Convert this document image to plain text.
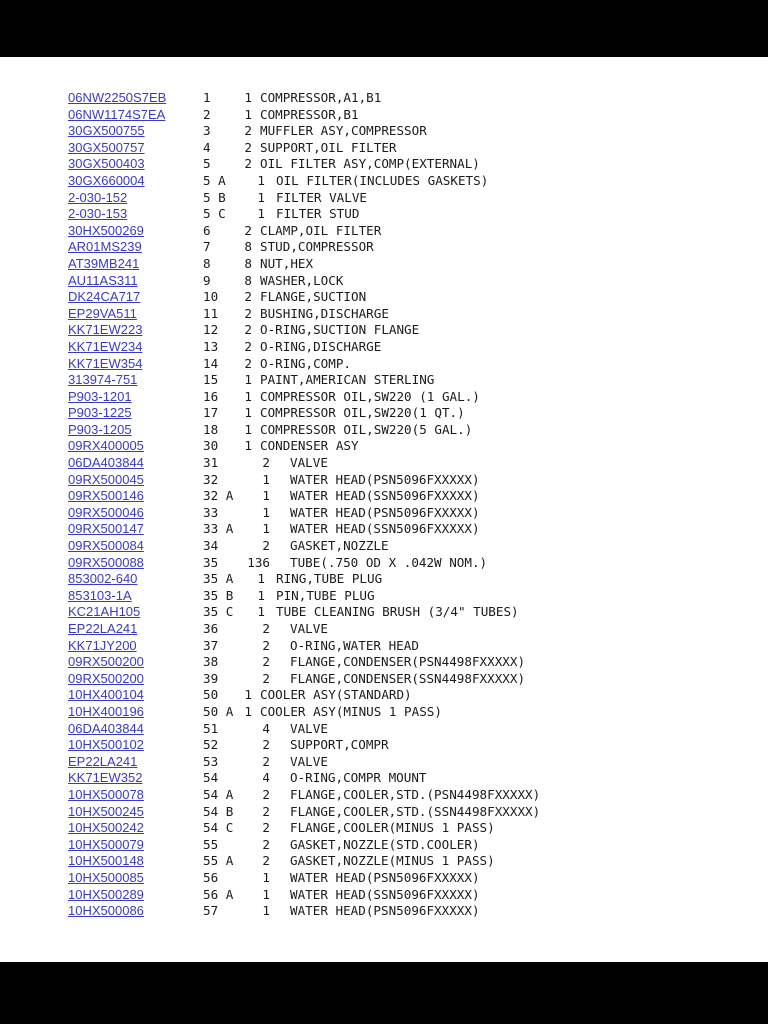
06NW2250S7EB	1	1 COMPRESSOR,A1,B1
06NW1174S7EA	2	1 COMPRESSOR,B1
30GX500755	3	2 MUFFLER ASY,COMPRESSOR
30GX500757	4	2 SUPPORT,OIL FILTER
30GX500403	5	2 OIL FILTER ASY,COMP(EXTERNAL)
30GX660004	5 A	1 OIL FILTER(INCLUDES GASKETS)
2-030-152	5 B	1 FILTER VALVE
2-030-153	5 C	1 FILTER STUD
30HX500269	6	2 CLAMP,OIL FILTER
AR01MS239	7	8 STUD,COMPRESSOR
AT39MB241	8	8 NUT,HEX
AU11AS311	9	8 WASHER,LOCK
DK24CA717	10	2 FLANGE,SUCTION
EP29VA511	11	2 BUSHING,DISCHARGE
KK71EW223	12	2 O-RING,SUCTION FLANGE
KK71EW234	13	2 O-RING,DISCHARGE
KK71EW354	14	2 O-RING,COMP.
313974-751	15	1 PAINT,AMERICAN STERLING
P903-1201	16	1 COMPRESSOR OIL,SW220 (1 GAL.)
P903-1225	17	1 COMPRESSOR OIL,SW220(1 QT.)
P903-1205	18	1 COMPRESSOR OIL,SW220(5 GAL.)
09RX400005	30	1 CONDENSER ASY
06DA403844	31	2 VALVE
09RX500045	32	1 WATER HEAD(PSN5096FXXXXX)
09RX500146	32 A	1 WATER HEAD(SSN5096FXXXXX)
09RX500046	33	1 WATER HEAD(PSN5096FXXXXX)
09RX500147	33 A	1 WATER HEAD(SSN5096FXXXXX)
09RX500084	34	2 GASKET,NOZZLE
09RX500088	35	136 TUBE(.750 OD X .042W NOM.)
853002-640	35 A	1 RING,TUBE PLUG
853103-1A	35 B	1 PIN,TUBE PLUG
KC21AH105	35 C	1 TUBE CLEANING BRUSH (3/4" TUBES)
EP22LA241	36	2 VALVE
KK71JY200	37	2 O-RING,WATER HEAD
09RX500200	38	2 FLANGE,CONDENSER(PSN4498FXXXXX)
09RX500200	39	2 FLANGE,CONDENSER(SSN4498FXXXXX)
10HX400104	50	1 COOLER ASY(STANDARD)
10HX400196	50 A 1 COOLER ASY(MINUS 1 PASS)
06DA403844	51	4 VALVE
10HX500102	52	2 SUPPORT,COMPR
EP22LA241	53	2 VALVE
KK71EW352	54	4 O-RING,COMPR MOUNT
10HX500078	54 A	2 FLANGE,COOLER,STD.(PSN4498FXXXXX)
10HX500245	54 B	2 FLANGE,COOLER,STD.(SSN4498FXXXXX)
10HX500242	54 C	2 FLANGE,COOLER(MINUS 1 PASS)
10HX500079	55	2 GASKET,NOZZLE(STD.COOLER)
10HX500148	55 A	2 GASKET,NOZZLE(MINUS 1 PASS)
10HX500085	56	1 WATER HEAD(PSN5096FXXXXX)
10HX500289	56 A	1 WATER HEAD(SSN5096FXXXXX)
10HX500086	57	1 WATER HEAD(PSN5096FXXXXX)
